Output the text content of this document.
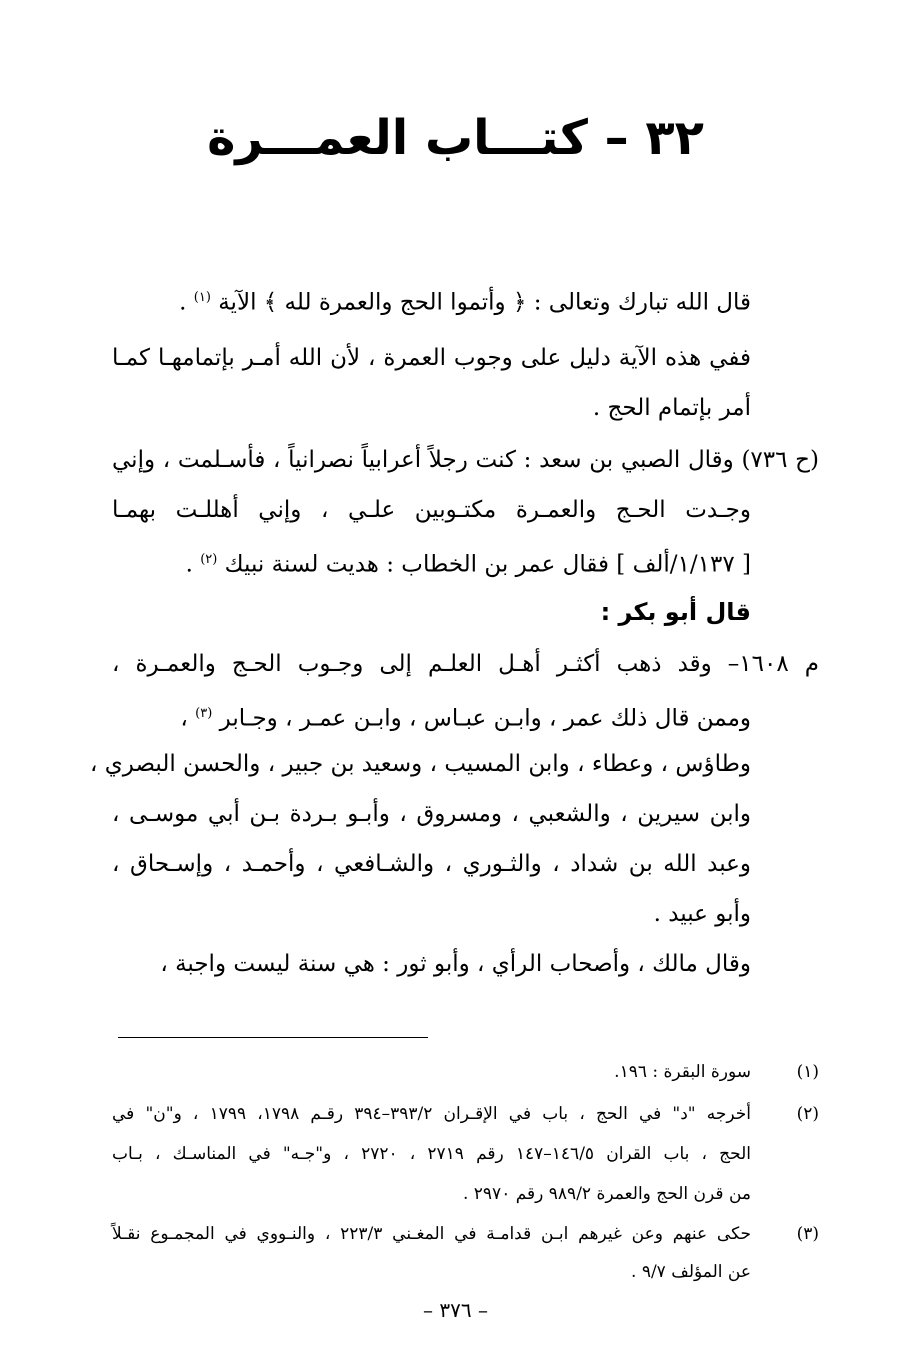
٣٢ – كتـــاب العمـــرة
قال الله تبارك وتعالى : ﴿ وأتموا الحج والعمرة لله ﴾ الآية $^{(١)}$ .
ففي هذه الآية دليل على وجوب العمرة ، لأن الله أمـر بإتمامهـا كمـا
أمر بإتمام الحج .
(ح ٧٣٦) وقال الصبي بن سعد : كنت رجلاً أعرابياً نصرانياً ، فأسـلمت ، وإني
وجـدت الحـج والعمـرة مكتـوبين علـي ، وإني أهللـت بهمـا
[ ١/١٣٧/ألف ] فقال عمر بن الخطاب : هديت لسنة نبيك $^{(٢)}$ .
قال أبو بكر :
م ١٦٠٨– وقد ذهب أكثـر أهـل العلـم إلى وجـوب الحـج والعمـرة ،
وممن قال ذلك عمر ، وابـن عبـاس ، وابـن عمـر ، وجـابر $^{(٣)}$ ،
وطاؤس ، وعطاء ، وابن المسيب ، وسعيد بن جبير ، والحسن البصري ،
وابن سيرين ، والشعبي ، ومسروق ، وأبـو بـردة بـن أبي موسـى ،
وعبد الله بن شداد ، والثـوري ، والشـافعي ، وأحمـد ، وإسـحاق ،
وأبو عبيد .
وقال مالك ، وأصحاب الرأي ، وأبو ثور : هي سنة ليست واجبة ،
(١)
سورة البقرة : ١٩٦.
(٢)
أخرجه "د" في الحج ، باب في الإقـران ٣٩٣/٢–٣٩٤ رقـم ١٧٩٨، ١٧٩٩ ، و"ن" في
الحج ، باب القران ١٤٦/٥–١٤٧ رقم ٢٧١٩ ، ٢٧٢٠ ، و"جـه" في المناسـك ، بـاب
من قرن الحج والعمرة ٩٨٩/٢ رقم ٢٩٧٠ .
(٣)
حكى عنهم وعن غيرهم ابـن قدامـة في المغـني ٢٢٣/٣ ، والنـووي في المجمـوع نقـلاً
عن المؤلف ٩/٧ .
– ٣٧٦ –
